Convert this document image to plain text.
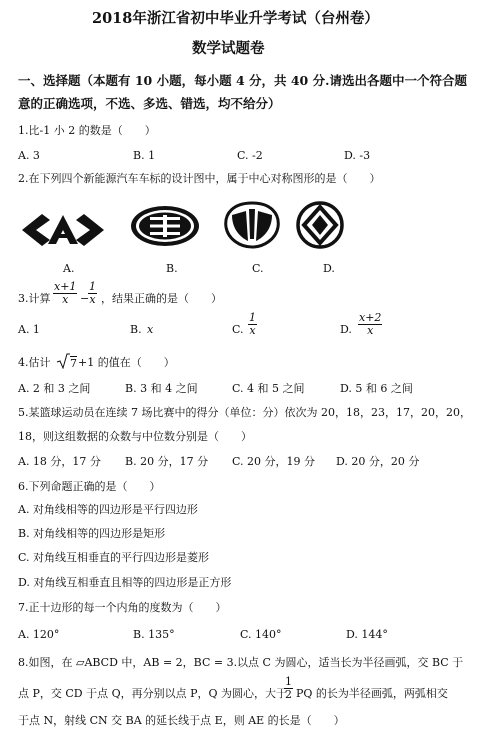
2018年浙江省初中毕业升学考试（台州卷）
数学试题卷
一、选择题（本题有 10 小题，每小题 4 分，共 40 分.请选出各题中一个符合题
意的正确选项，不选、多选、错选，均不给分）
1.比-1 小 2 的数是（　　）
A. 3	B. 1	C. -2	D. -3
2.在下列四个新能源汽车车标的设计图中，属于中心对称图形的是（　　）
A.	B.	C.	D.
3.计算 $\frac{x+1}{x}$ −
$\frac{1}{x}$ ，结果正确的是（　　）
A. 1	B. x	C. $\frac{1}{x}$	D. $\frac{x+2}{x}$
4.估计 7 +1 的值在（　　）
A. 2 和 3 之间	B. 3 和 4 之间	C. 4 和 5 之间	D. 5 和 6 之间
5.某篮球运动员在连续 7 场比赛中的得分（单位：分）依次为 20，18，23，17，20，20，
18，则这组数据的众数与中位数分别是（　　）
A. 18 分，17 分 B. 20 分，17 分 C. 20 分，19 分 D. 20 分，20 分
6.下列命题正确的是（　　）
A. 对角线相等的四边形是平行四边形
B. 对角线相等的四边形是矩形
C. 对角线互相垂直的平行四边形是菱形
D. 对角线互相垂直且相等的四边形是正方形
7.正十边形的每一个内角的度数为（　　）
A. 120°	B. 135°	C. 140°	D. 144°
8.如图，在 ▱ABCD 中，AB = 2，BC = 3.以点 C 为圆心，适当长为半径画弧，交 BC 于
点 P，交 CD 于点 Q，再分别以点 P，Q 为圆心，大于
$\frac{1}{2}$ PQ 的长为半径画弧，两弧相交
于点 N，射线 CN 交 BA 的延长线于点 E，则 AE 的长是（　　）
